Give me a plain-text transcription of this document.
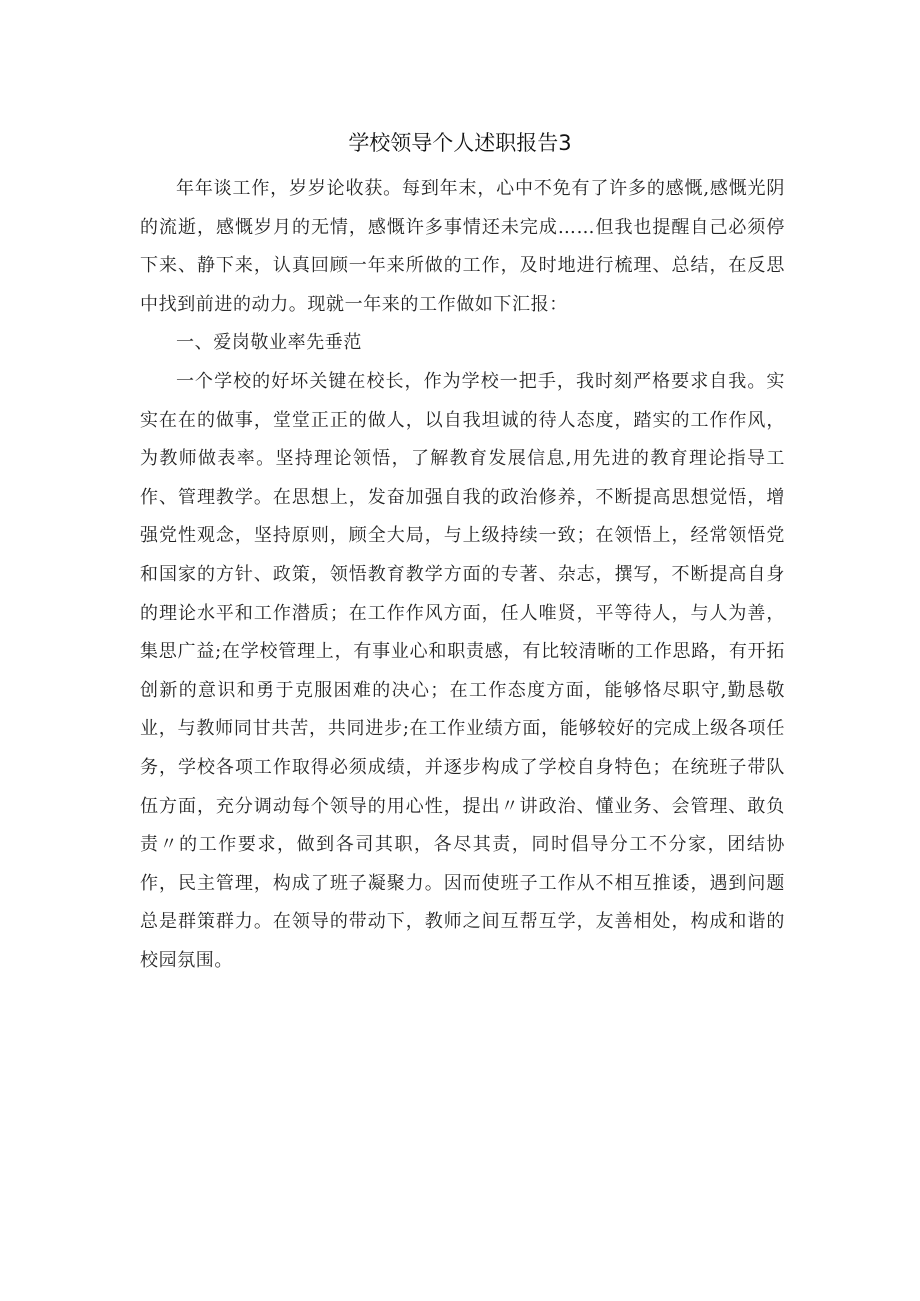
学校领导个人述职报告3

年年谈工作，岁岁论收获。每到年末，心中不免有了许多的感慨,感慨光阴的流逝，感慨岁月的无情，感慨许多事情还未完成……但我也提醒自己必须停下来、静下来，认真回顾一年来所做的工作，及时地进行梳理、总结，在反思中找到前进的动力。现就一年来的工作做如下汇报：

一、爱岗敬业率先垂范

一个学校的好坏关键在校长，作为学校一把手，我时刻严格要求自我。实实在在的做事，堂堂正正的做人，以自我坦诚的待人态度，踏实的工作作风，为教师做表率。坚持理论领悟，了解教育发展信息,用先进的教育理论指导工作、管理教学。在思想上，发奋加强自我的政治修养，不断提高思想觉悟，增强党性观念，坚持原则，顾全大局，与上级持续一致；在领悟上，经常领悟党和国家的方针、政策，领悟教育教学方面的专著、杂志，撰写，不断提高自身的理论水平和工作潜质；在工作作风方面，任人唯贤，平等待人，与人为善，集思广益;在学校管理上，有事业心和职责感，有比较清晰的工作思路，有开拓创新的意识和勇于克服困难的决心；在工作态度方面，能够恪尽职守,勤恳敬业，与教师同甘共苦，共同进步;在工作业绩方面，能够较好的完成上级各项任务，学校各项工作取得必须成绩，并逐步构成了学校自身特色；在统班子带队伍方面，充分调动每个领导的用心性，提出〃讲政治、懂业务、会管理、敢负责〃的工作要求，做到各司其职，各尽其责，同时倡导分工不分家，团结协作，民主管理，构成了班子凝聚力。因而使班子工作从不相互推诿，遇到问题总是群策群力。在领导的带动下，教师之间互帮互学，友善相处，构成和谐的校园氛围。
